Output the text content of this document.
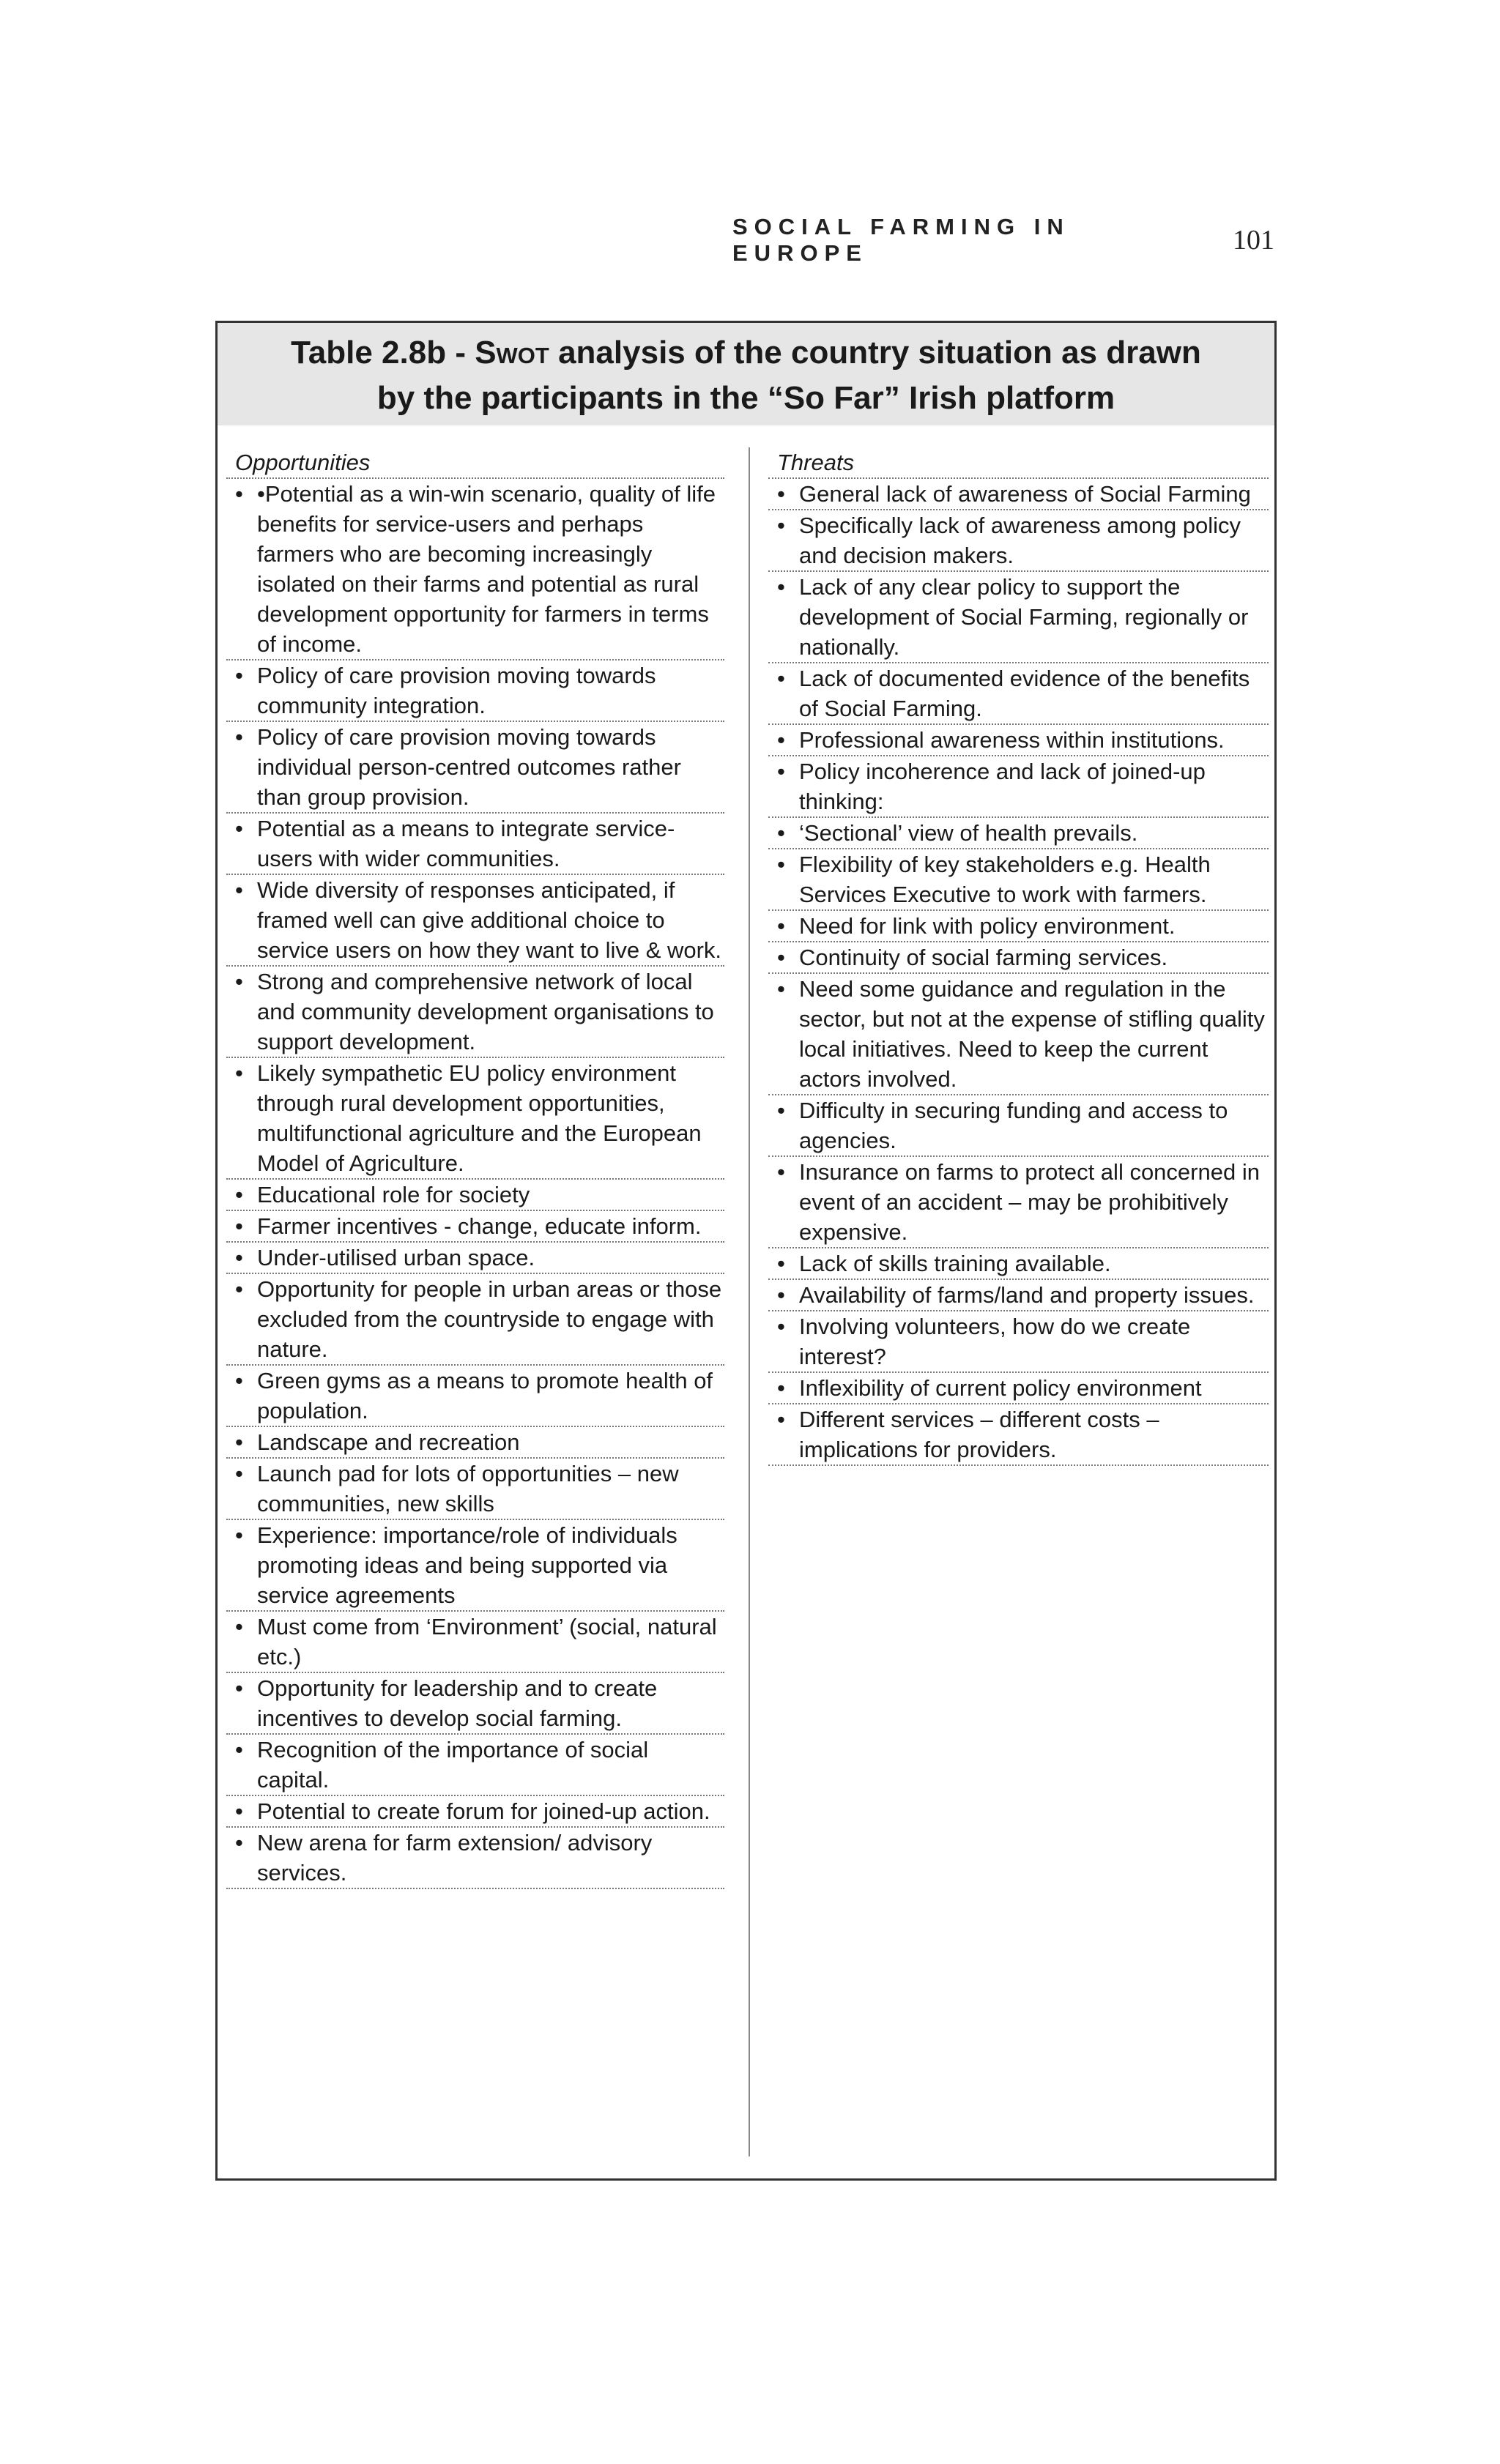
SOCIAL FARMING IN EUROPE	101
Table 2.8b - Swot analysis of the country situation as drawn by the participants in the “So Far” Irish platform
Opportunities
• •Potential as a win-win scenario, quality of life benefits for service-users and perhaps farmers who are becoming increasingly isolated on their farms and potential as rural development opportunity for farmers in terms of income.
• Policy of care provision moving towards community integration.
• Policy of care provision moving towards individual person-centred outcomes rather than group provision.
• Potential as a means to integrate service-users with wider communities.
• Wide diversity of responses anticipated, if framed well can give additional choice to service users on how they want to live & work.
• Strong and comprehensive network of local and community development organisations to support development.
• Likely sympathetic EU policy environment through rural development opportunities, multifunctional agriculture and the European Model of Agriculture.
• Educational role for society
• Farmer incentives - change, educate inform.
• Under-utilised urban space.
• Opportunity for people in urban areas or those excluded from the countryside to engage with nature.
• Green gyms as a means to promote health of population.
• Landscape and recreation
• Launch pad for lots of opportunities – new communities, new skills
• Experience: importance/role of individuals promoting ideas and being supported via service agreements
• Must come from ‘Environment’ (social, natural etc.)
• Opportunity for leadership and to create incentives to develop social farming.
• Recognition of the importance of social capital.
• Potential to create forum for joined-up action.
• New arena for farm extension/ advisory services.
Threats
• General lack of awareness of Social Farming
• Specifically lack of awareness among policy and decision makers.
• Lack of any clear policy to support the development of Social Farming, regionally or nationally.
• Lack of documented evidence of the benefits of Social Farming.
• Professional awareness within institutions.
• Policy incoherence and lack of joined-up thinking:
• ‘Sectional’ view of health prevails.
• Flexibility of key stakeholders e.g. Health Services Executive to work with farmers.
• Need for link with policy environment.
• Continuity of social farming services.
• Need some guidance and regulation in the sector, but not at the expense of stifling quality local initiatives. Need to keep the current actors involved.
• Difficulty in securing funding and access to agencies.
• Insurance on farms to protect all concerned in event of an accident – may be prohibitively expensive.
• Lack of skills training available.
• Availability of farms/land and property issues.
• Involving volunteers, how do we create interest?
• Inflexibility of current policy environment
• Different services – different costs – implications for providers.
